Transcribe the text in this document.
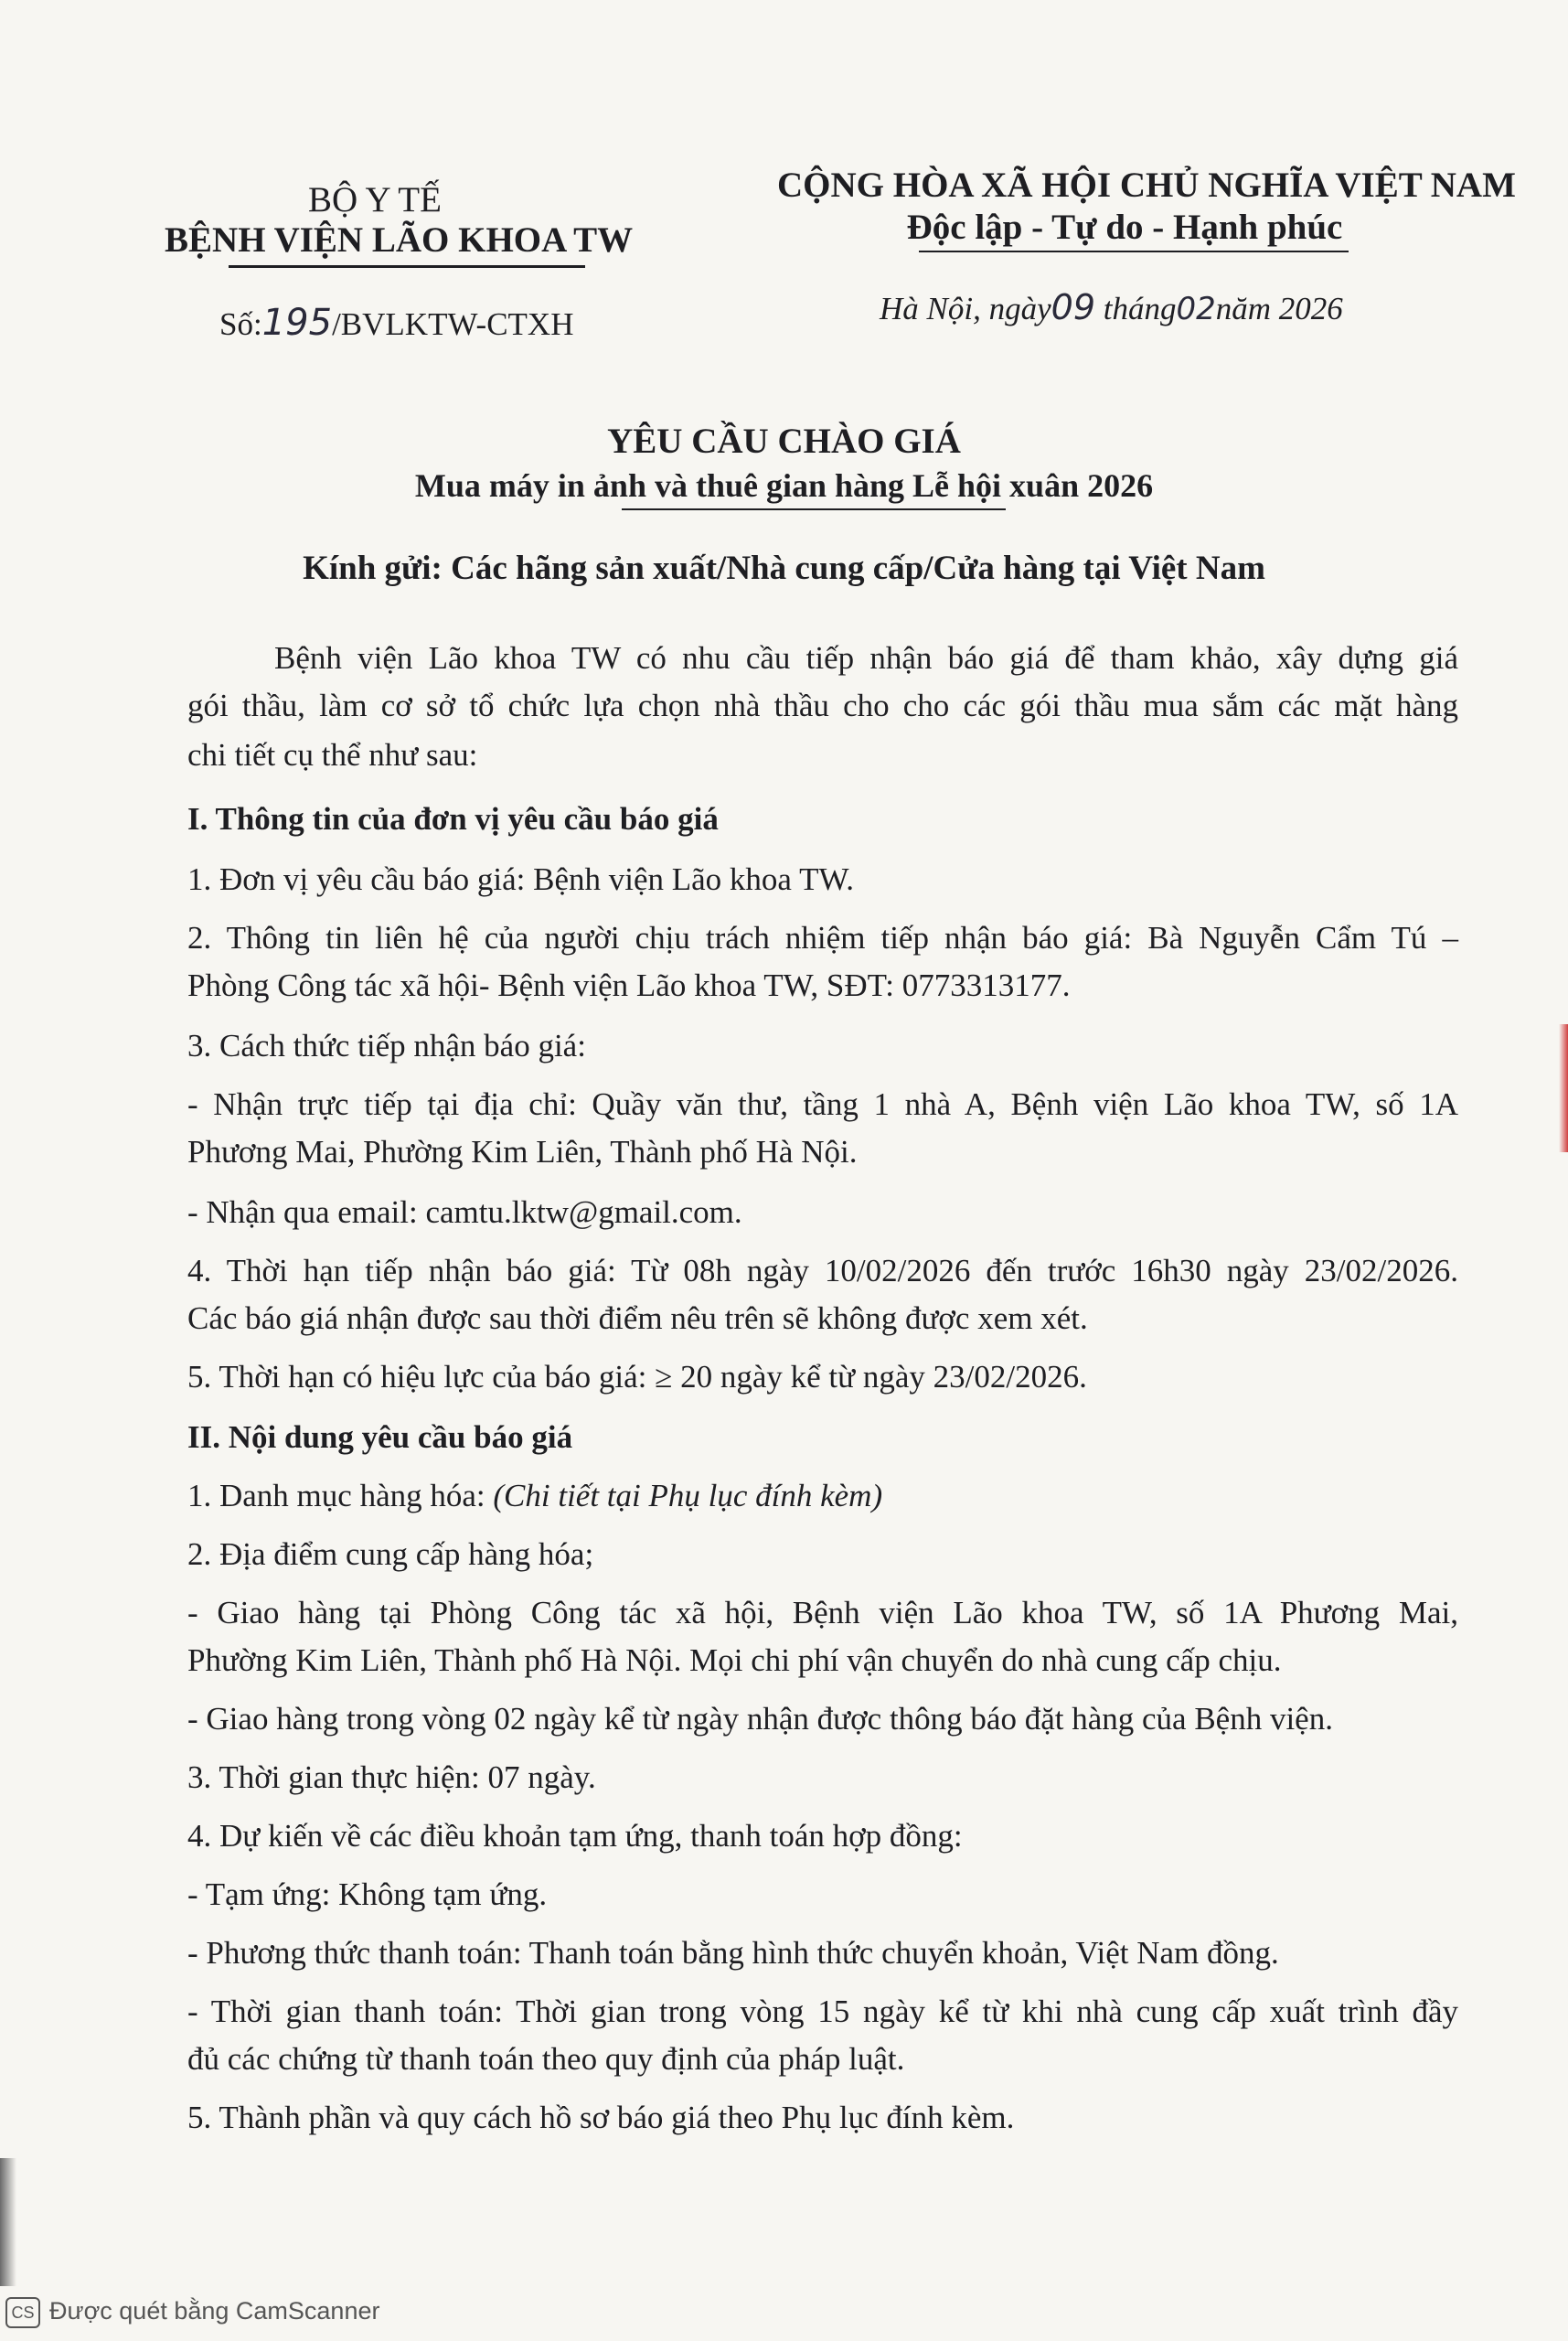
BỘ Y TẾ
BỆNH VIỆN LÃO KHOA TW
Số:195/BVLKTW-CTXH
CỘNG HÒA XÃ HỘI CHỦ NGHĨA VIỆT NAM
Độc lập - Tự do - Hạnh phúc
Hà Nội, ngày09 tháng02năm 2026
YÊU CẦU CHÀO GIÁ
Mua máy in ảnh và thuê gian hàng Lễ hội xuân 2026
Kính gửi: Các hãng sản xuất/Nhà cung cấp/Cửa hàng tại Việt Nam
Bệnh viện Lão khoa TW có nhu cầu tiếp nhận báo giá để tham khảo, xây dựng giá
gói thầu, làm cơ sở tổ chức lựa chọn nhà thầu cho cho các gói thầu mua sắm các mặt hàng
chi tiết cụ thể như sau:
I. Thông tin của đơn vị yêu cầu báo giá
1. Đơn vị yêu cầu báo giá: Bệnh viện Lão khoa TW.
2. Thông tin liên hệ của người chịu trách nhiệm tiếp nhận báo giá: Bà Nguyễn Cẩm Tú –
Phòng Công tác xã hội- Bệnh viện Lão khoa TW, SĐT: 0773313177.
3. Cách thức tiếp nhận báo giá:
- Nhận trực tiếp tại địa chỉ: Quầy văn thư, tầng 1 nhà A, Bệnh viện Lão khoa TW, số 1A
Phương Mai, Phường Kim Liên, Thành phố Hà Nội.
- Nhận qua email: camtu.lktw@gmail.com.
4. Thời hạn tiếp nhận báo giá: Từ 08h ngày 10/02/2026 đến trước 16h30 ngày 23/02/2026.
Các báo giá nhận được sau thời điểm nêu trên sẽ không được xem xét.
5. Thời hạn có hiệu lực của báo giá: ≥ 20 ngày kể từ ngày 23/02/2026.
II. Nội dung yêu cầu báo giá
1. Danh mục hàng hóa: (Chi tiết tại Phụ lục đính kèm)
2. Địa điểm cung cấp hàng hóa;
- Giao hàng tại Phòng Công tác xã hội, Bệnh viện Lão khoa TW, số 1A Phương Mai,
Phường Kim Liên, Thành phố Hà Nội. Mọi chi phí vận chuyển do nhà cung cấp chịu.
- Giao hàng trong vòng 02 ngày kể từ ngày nhận được thông báo đặt hàng của Bệnh viện.
3. Thời gian thực hiện: 07 ngày.
4. Dự kiến về các điều khoản tạm ứng, thanh toán hợp đồng:
- Tạm ứng: Không tạm ứng.
- Phương thức thanh toán: Thanh toán bằng hình thức chuyển khoản, Việt Nam đồng.
- Thời gian thanh toán: Thời gian trong vòng 15 ngày kể từ khi nhà cung cấp xuất trình đầy
đủ các chứng từ thanh toán theo quy định của pháp luật.
5. Thành phần và quy cách hồ sơ báo giá theo Phụ lục đính kèm.
CS Được quét bằng CamScanner
